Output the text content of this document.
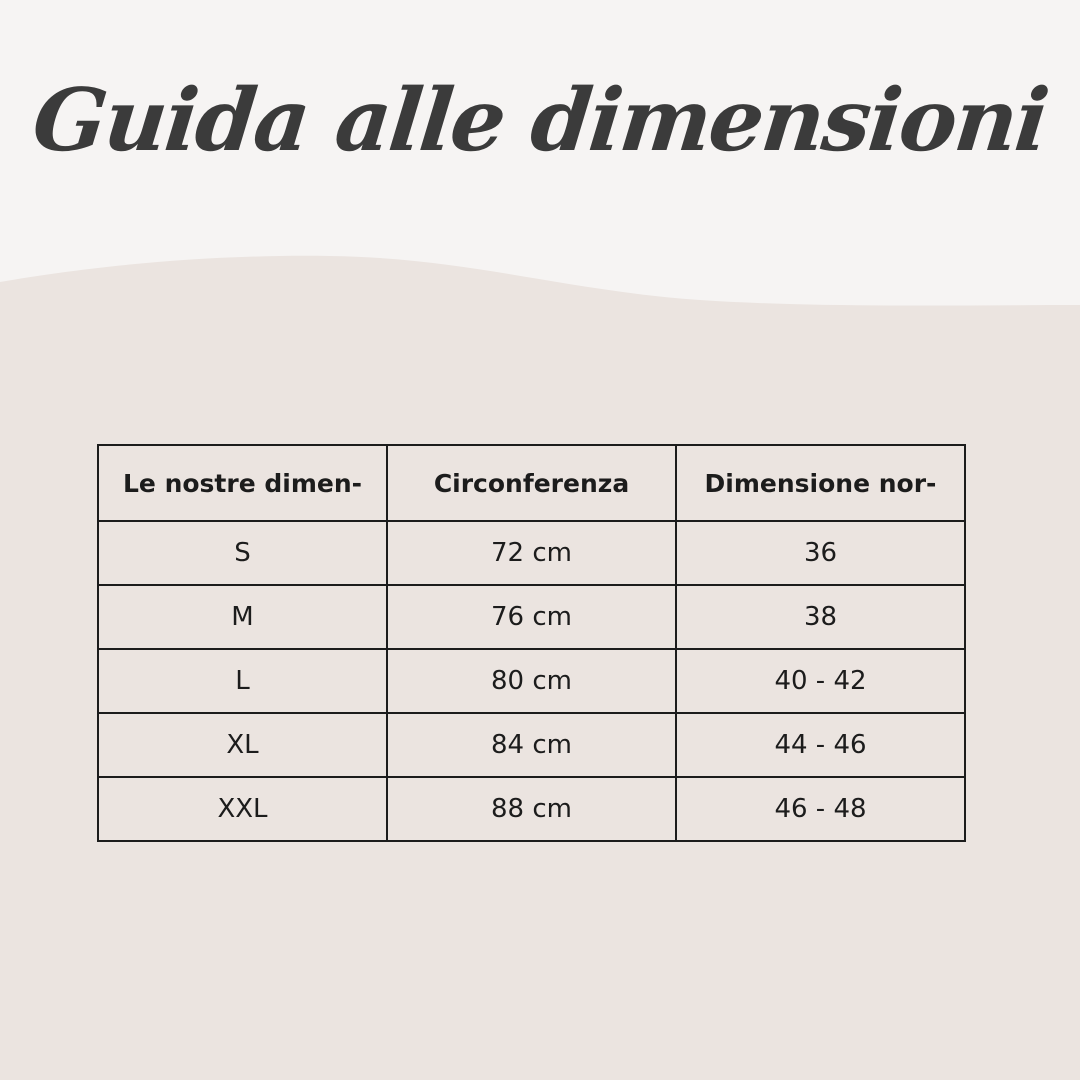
Guida alle dimensioni
Le nostre dimen-	Circonferenza	Dimensione nor-
S	72 cm	36
M	76 cm	38
L	80 cm	40 - 42
XL	84 cm	44 - 46
XXL	88 cm	46 - 48
